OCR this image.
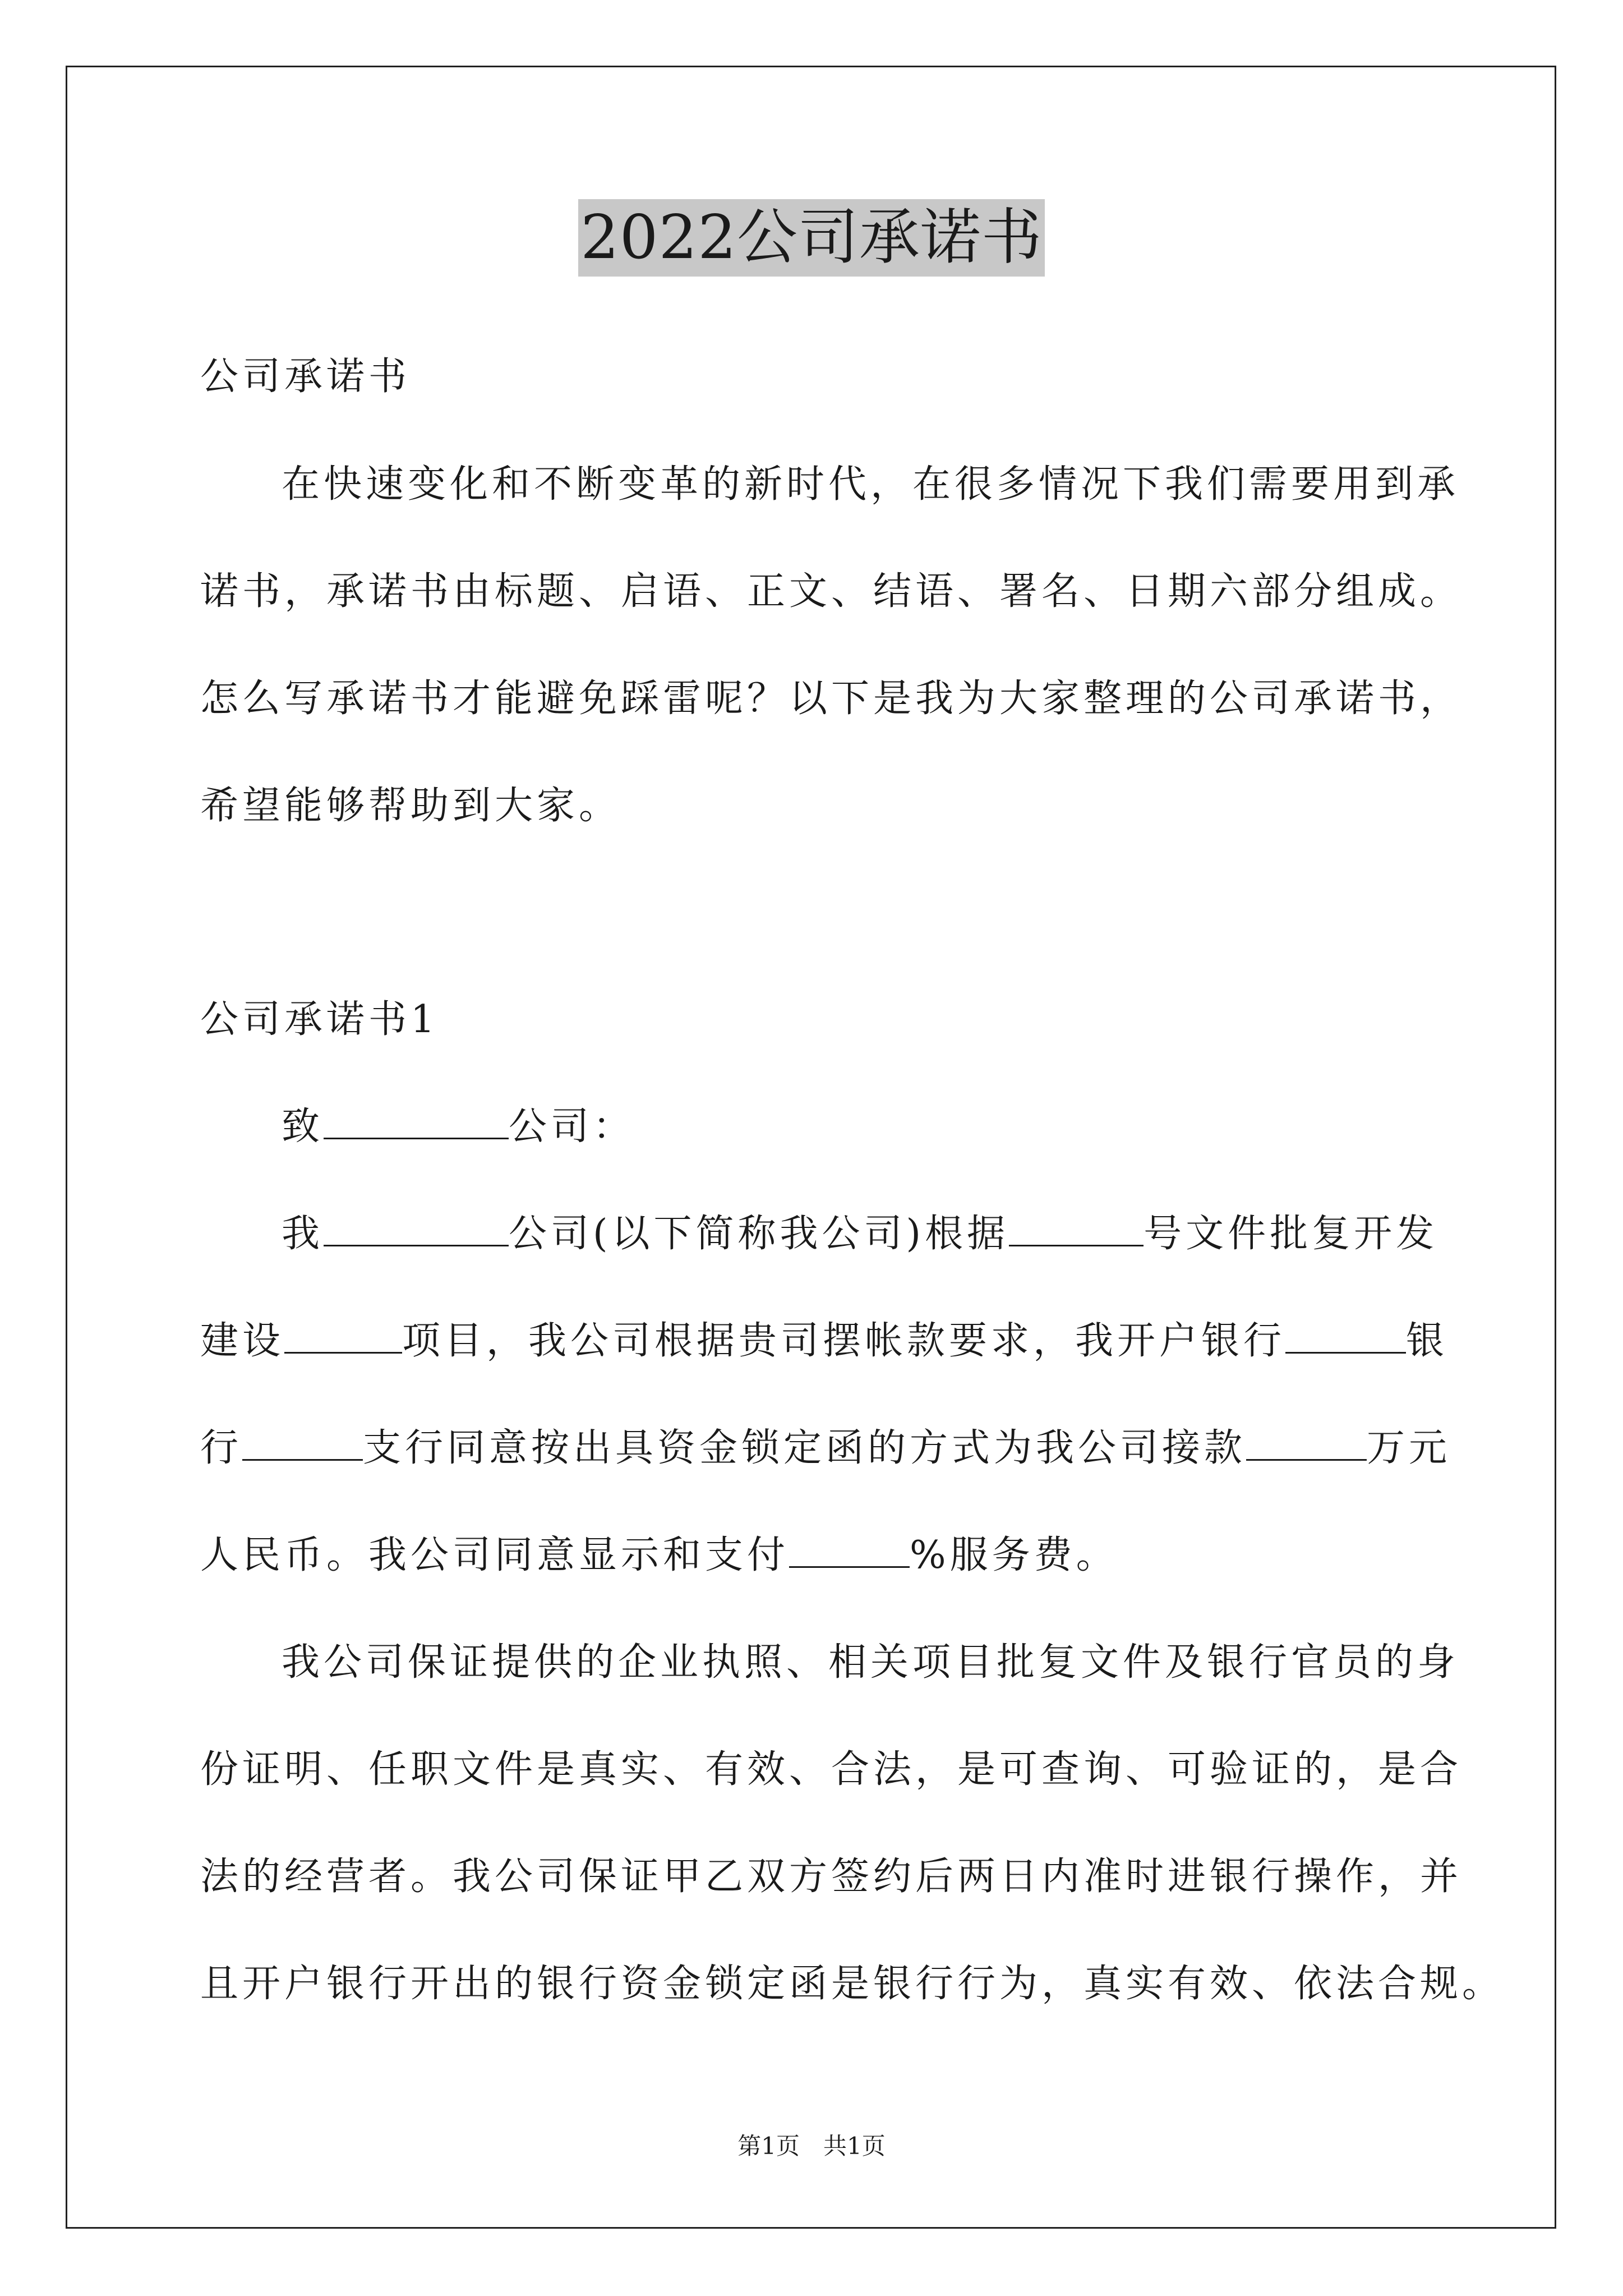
2022公司承诺书
公司承诺书
在快速变化和不断变革的新时代，在很多情况下我们需要用到承
诺书，承诺书由标题、启语、正文、结语、署名、日期六部分组成。
怎么写承诺书才能避免踩雷呢？以下是我为大家整理的公司承诺书，
希望能够帮助到大家。
公司承诺书1
致	公司：
我	公司(以下简称我公司)根据	号文件批复开发
建设	项目，我公司根据贵司摆帐款要求，我开户银行	银
行	支行同意按出具资金锁定函的方式为我公司接款	万元
人民币。我公司同意显示和支付	%服务费。
我公司保证提供的企业执照、相关项目批复文件及银行官员的身
份证明、任职文件是真实、有效、合法，是可查询、可验证的，是合
法的经营者。我公司保证甲乙双方签约后两日内准时进银行操作，并
且开户银行开出的银行资金锁定函是银行行为，真实有效、依法合规。
第1页　共1页
